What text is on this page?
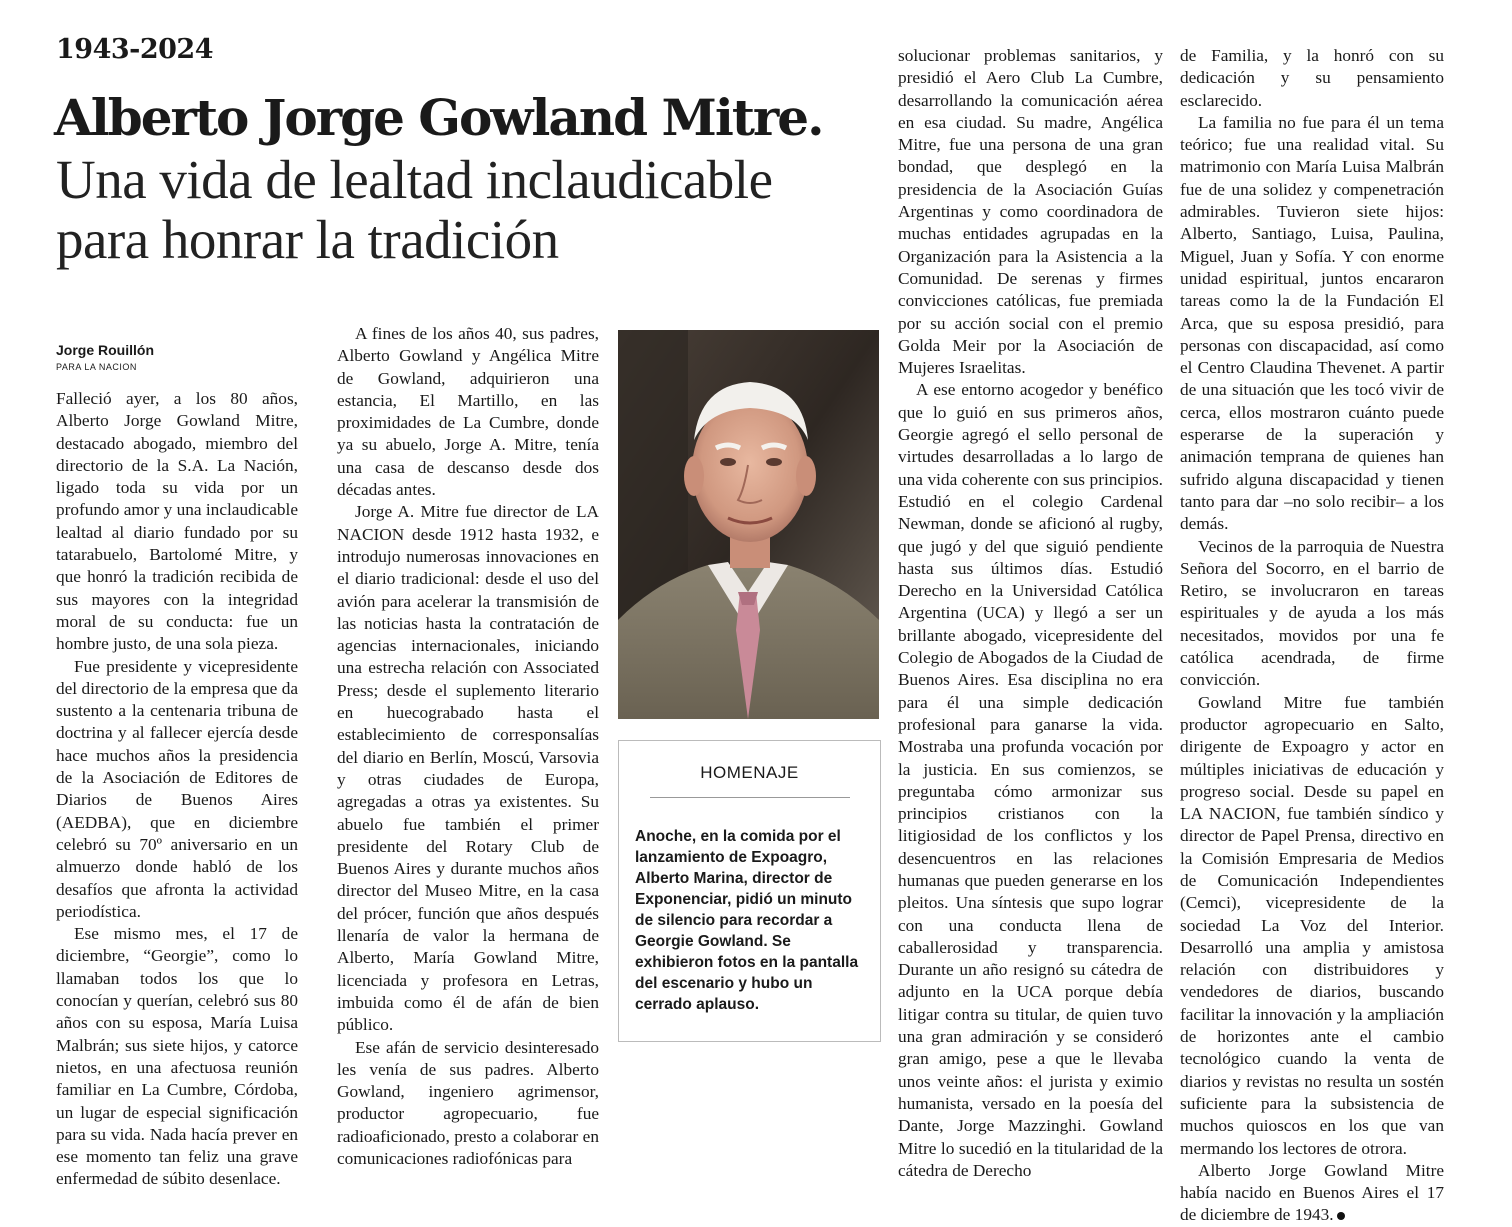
1943-2024
Alberto Jorge Gowland Mitre.
Una vida de lealtad inclaudicable para honrar la tradición
Jorge Rouillón
PARA LA NACION

Falleció ayer, a los 80 años, Alberto Jorge Gowland Mitre, destacado abogado, miembro del directorio de la S.A. La Nación, ligado toda su vida por un profundo amor y una inclaudicable lealtad al diario fundado por su tatarabuelo, Bartolomé Mitre, y que honró la tradición recibida de sus mayores con la integridad moral de su conducta: fue un hombre justo, de una sola pieza.

Fue presidente y vicepresidente del directorio de la empresa que da sustento a la centenaria tribuna de doctrina y al fallecer ejercía desde hace muchos años la presidencia de la Asociación de Editores de Diarios de Buenos Aires (AEDBA), que en diciembre celebró su 70º aniversario en un almuerzo donde habló de los desafíos que afronta la actividad periodística.

Ese mismo mes, el 17 de diciembre, “Georgie”, como lo llamaban todos los que lo conocían y querían, celebró sus 80 años con su esposa, María Luisa Malbrán; sus siete hijos, y catorce nietos, en una afectuosa reunión familiar en La Cumbre, Córdoba, un lugar de especial significación para su vida. Nada hacía prever en ese momento tan feliz una grave enfermedad de súbito desenlace.

A fines de los años 40, sus padres, Alberto Gowland y Angélica Mitre de Gowland, adquirieron una estancia, El Martillo, en las proximidades de La Cumbre, donde ya su abuelo, Jorge A. Mitre, tenía una casa de descanso desde dos décadas antes.

Jorge A. Mitre fue director de LA NACION desde 1912 hasta 1932, e introdujo numerosas innovaciones en el diario tradicional: desde el uso del avión para acelerar la transmisión de las noticias hasta la contratación de agencias internacionales, iniciando una estrecha relación con Associated Press; desde el suplemento literario en huecograbado hasta el establecimiento de corresponsalías del diario en Berlín, Moscú, Varsovia y otras ciudades de Europa, agregadas a otras ya existentes. Su abuelo fue también el primer presidente del Rotary Club de Buenos Aires y durante muchos años director del Museo Mitre, en la casa del prócer, función que años después llenaría de valor la hermana de Alberto, María Gowland Mitre, licenciada y profesora en Letras, imbuida como él de afán de bien público.

Ese afán de servicio desinteresado les venía de sus padres. Alberto Gowland, ingeniero agrimensor, productor agropecuario, fue radioaficionado, presto a colaborar en comunicaciones radiofónicas para

HOMENAJE
Anoche, en la comida por el lanzamiento de Expoagro, Alberto Marina, director de Exponenciar, pidió un minuto de silencio para recordar a Georgie Gowland. Se exhibieron fotos en la pantalla del escenario y hubo un cerrado aplauso.

solucionar problemas sanitarios, y presidió el Aero Club La Cumbre, desarrollando la comunicación aérea en esa ciudad. Su madre, Angélica Mitre, fue una persona de una gran bondad, que desplegó en la presidencia de la Asociación Guías Argentinas y como coordinadora de muchas entidades agrupadas en la Organización para la Asistencia a la Comunidad. De serenas y firmes convicciones católicas, fue premiada por su acción social con el premio Golda Meir por la Asociación de Mujeres Israelitas.

A ese entorno acogedor y benéfico que lo guió en sus primeros años, Georgie agregó el sello personal de virtudes desarrolladas a lo largo de una vida coherente con sus principios. Estudió en el colegio Cardenal Newman, donde se aficionó al rugby, que jugó y del que siguió pendiente hasta sus últimos días. Estudió Derecho en la Universidad Católica Argentina (UCA) y llegó a ser un brillante abogado, vicepresidente del Colegio de Abogados de la Ciudad de Buenos Aires. Esa disciplina no era para él una simple dedicación profesional para ganarse la vida. Mostraba una profunda vocación por la justicia. En sus comienzos, se preguntaba cómo armonizar sus principios cristianos con la litigiosidad de los conflictos y los desencuentros en las relaciones humanas que pueden generarse en los pleitos. Una síntesis que supo lograr con una conducta llena de caballerosidad y transparencia. Durante un año resignó su cátedra de adjunto en la UCA porque debía litigar contra su titular, de quien tuvo una gran admiración y se consideró gran amigo, pese a que le llevaba unos veinte años: el jurista y eximio humanista, versado en la poesía del Dante, Jorge Mazzinghi. Gowland Mitre lo sucedió en la titularidad de la cátedra de Derecho

de Familia, y la honró con su dedicación y su pensamiento esclarecido.

La familia no fue para él un tema teórico; fue una realidad vital. Su matrimonio con María Luisa Malbrán fue de una solidez y compenetración admirables. Tuvieron siete hijos: Alberto, Santiago, Luisa, Paulina, Miguel, Juan y Sofía. Y con enorme unidad espiritual, juntos encararon tareas como la de la Fundación El Arca, que su esposa presidió, para personas con discapacidad, así como el Centro Claudina Thevenet. A partir de una situación que les tocó vivir de cerca, ellos mostraron cuánto puede esperarse de la superación y animación temprana de quienes han sufrido alguna discapacidad y tienen tanto para dar –no solo recibir– a los demás.

Vecinos de la parroquia de Nuestra Señora del Socorro, en el barrio de Retiro, se involucraron en tareas espirituales y de ayuda a los más necesitados, movidos por una fe católica acendrada, de firme convicción.

Gowland Mitre fue también productor agropecuario en Salto, dirigente de Expoagro y actor en múltiples iniciativas de educación y progreso social. Desde su papel en LA NACION, fue también síndico y director de Papel Prensa, directivo en la Comisión Empresaria de Medios de Comunicación Independientes (Cemci), vicepresidente de la sociedad La Voz del Interior. Desarrolló una amplia y amistosa relación con distribuidores y vendedores de diarios, buscando facilitar la innovación y la ampliación de horizontes ante el cambio tecnológico cuando la venta de diarios y revistas no resulta un sostén suficiente para la subsistencia de muchos quioscos en los que van mermando los lectores de otrora.

Alberto Jorge Gowland Mitre había nacido en Buenos Aires el 17 de diciembre de 1943.
